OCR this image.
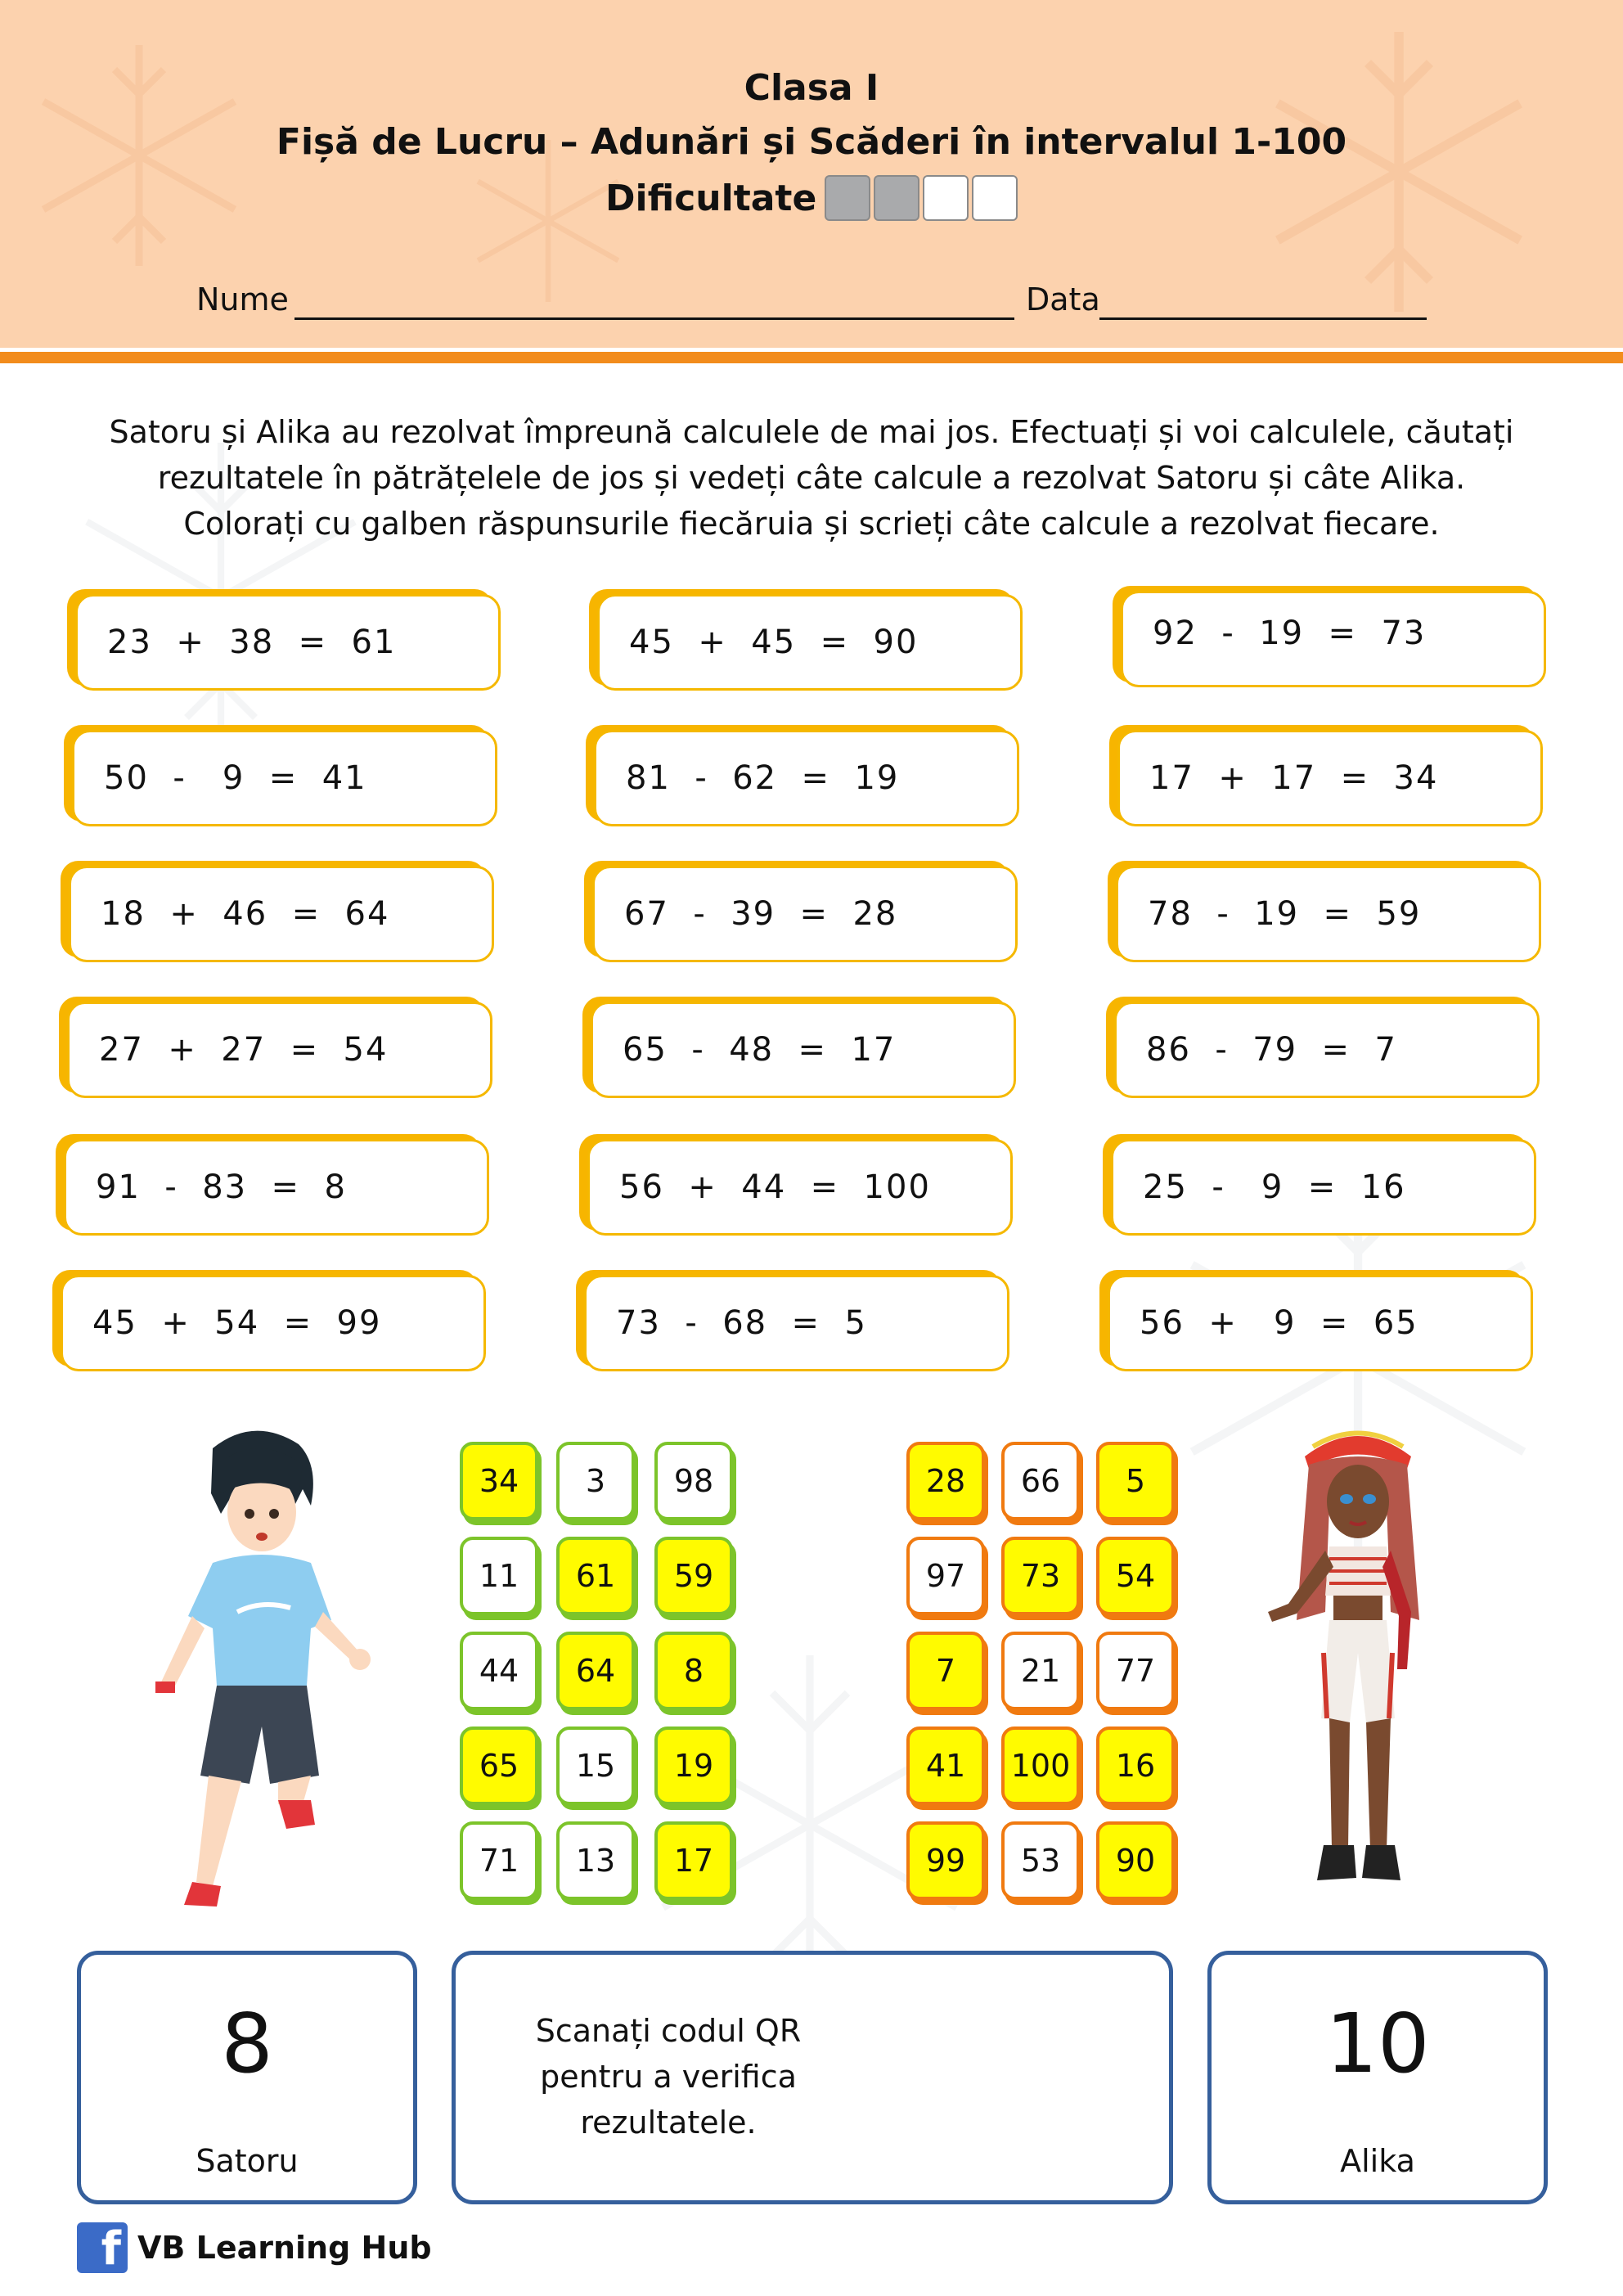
Clasa I
Fișă de Lucru – Adunări și Scăderi în intervalul 1-100
Dificultate
Nume	Data
Satoru și Alika au rezolvat împreună calculele de mai jos. Efectuați și voi calculele, căutați
rezultatele în pătrățelele de jos și vedeți câte calcule a rezolvat Satoru și câte Alika.
Colorați cu galben răspunsurile fiecăruia și scrieți câte calcule a rezolvat fiecare.
23  +  38  =  61	45  +  45  =  90	92  -  19  =  73
50  -   9  =  41	81  -  62  =  19	17  +  17  =  34
18  +  46  =  64	67  -  39  =  28	78  -  19  =  59
27  +  27  =  54	65  -  48  =  17	86  -  79  =  7
91  -  83  =  8	56  +  44  =  100	25  -   9  =  16
45  +  54  =  99	73  -  68  =  5	56  +   9  =  65
34	3	98
11	61	59
44	64	8
65	15	19
71	13	17
28	66	5
97	73	54
7	21	77
41	100	16
99	53	90
8
Satoru
Scanați codul QR pentru a verifica rezultatele.
10
Alika
f VB Learning Hub
